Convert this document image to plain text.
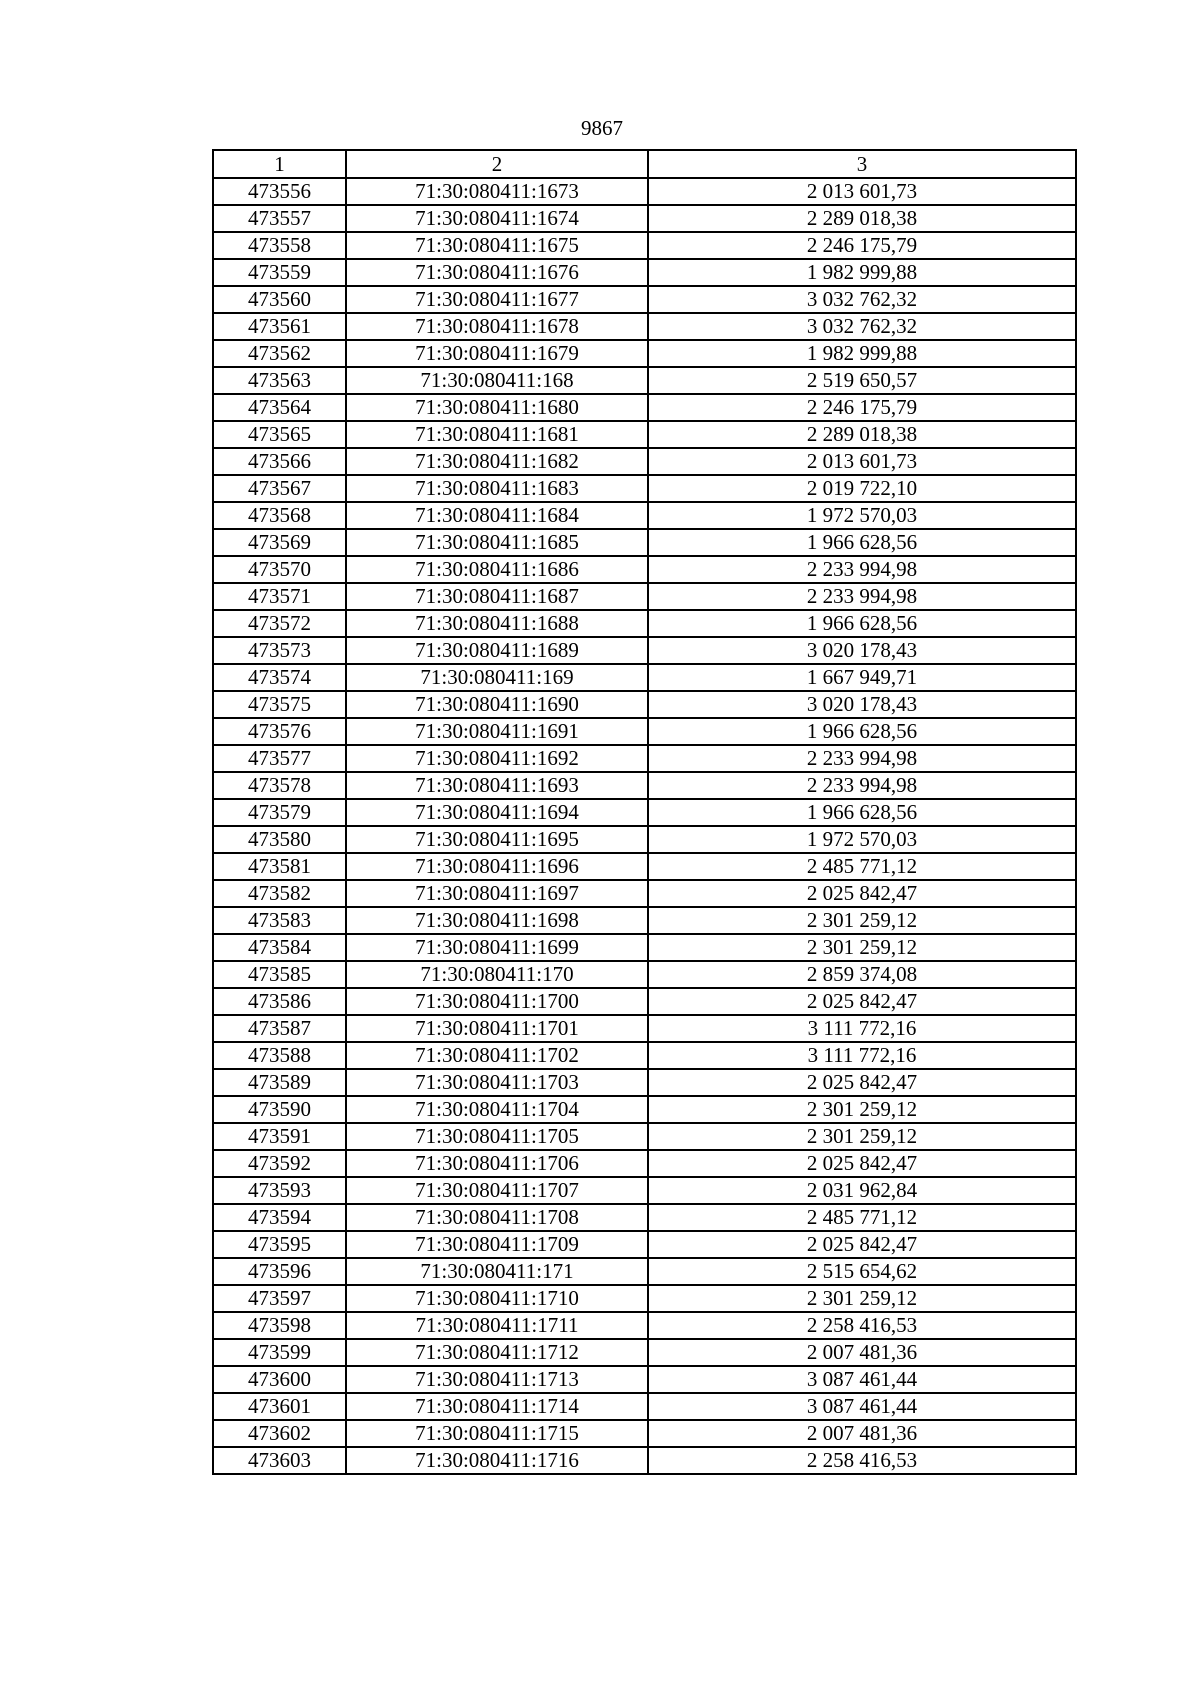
9867
1	2	3
473556	71:30:080411:1673	2 013 601,73
473557	71:30:080411:1674	2 289 018,38
473558	71:30:080411:1675	2 246 175,79
473559	71:30:080411:1676	1 982 999,88
473560	71:30:080411:1677	3 032 762,32
473561	71:30:080411:1678	3 032 762,32
473562	71:30:080411:1679	1 982 999,88
473563	71:30:080411:168	2 519 650,57
473564	71:30:080411:1680	2 246 175,79
473565	71:30:080411:1681	2 289 018,38
473566	71:30:080411:1682	2 013 601,73
473567	71:30:080411:1683	2 019 722,10
473568	71:30:080411:1684	1 972 570,03
473569	71:30:080411:1685	1 966 628,56
473570	71:30:080411:1686	2 233 994,98
473571	71:30:080411:1687	2 233 994,98
473572	71:30:080411:1688	1 966 628,56
473573	71:30:080411:1689	3 020 178,43
473574	71:30:080411:169	1 667 949,71
473575	71:30:080411:1690	3 020 178,43
473576	71:30:080411:1691	1 966 628,56
473577	71:30:080411:1692	2 233 994,98
473578	71:30:080411:1693	2 233 994,98
473579	71:30:080411:1694	1 966 628,56
473580	71:30:080411:1695	1 972 570,03
473581	71:30:080411:1696	2 485 771,12
473582	71:30:080411:1697	2 025 842,47
473583	71:30:080411:1698	2 301 259,12
473584	71:30:080411:1699	2 301 259,12
473585	71:30:080411:170	2 859 374,08
473586	71:30:080411:1700	2 025 842,47
473587	71:30:080411:1701	3 111 772,16
473588	71:30:080411:1702	3 111 772,16
473589	71:30:080411:1703	2 025 842,47
473590	71:30:080411:1704	2 301 259,12
473591	71:30:080411:1705	2 301 259,12
473592	71:30:080411:1706	2 025 842,47
473593	71:30:080411:1707	2 031 962,84
473594	71:30:080411:1708	2 485 771,12
473595	71:30:080411:1709	2 025 842,47
473596	71:30:080411:171	2 515 654,62
473597	71:30:080411:1710	2 301 259,12
473598	71:30:080411:1711	2 258 416,53
473599	71:30:080411:1712	2 007 481,36
473600	71:30:080411:1713	3 087 461,44
473601	71:30:080411:1714	3 087 461,44
473602	71:30:080411:1715	2 007 481,36
473603	71:30:080411:1716	2 258 416,53
